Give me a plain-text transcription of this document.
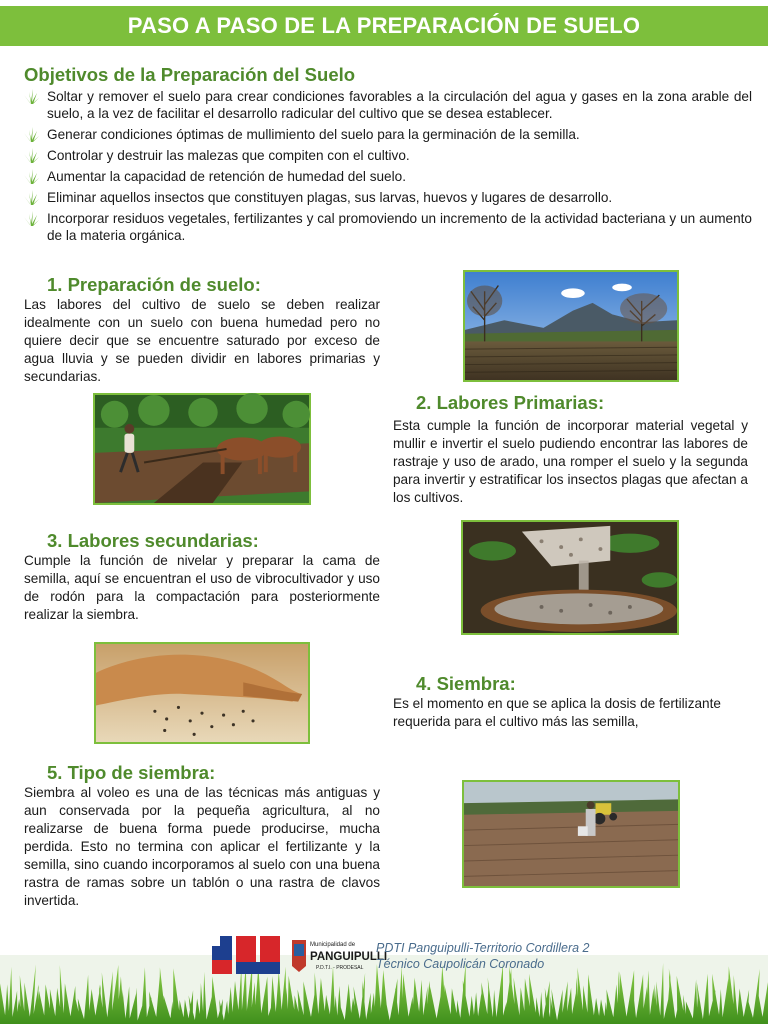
PASO A PASO DE LA PREPARACIÓN DE SUELO
Objetivos de la Preparación del Suelo
Soltar y remover el suelo para crear condiciones favorables a la circulación del agua y gases en la zona arable del suelo, a la vez de facilitar el desarrollo radicular del cultivo que se desea establecer.
Generar condiciones óptimas de mullimiento del suelo para la germinación de la semilla.
Controlar y destruir las malezas que compiten con el cultivo.
Aumentar la capacidad de retención de humedad del suelo.
Eliminar aquellos insectos que constituyen plagas, sus larvas, huevos y lugares de desarrollo.
Incorporar residuos vegetales, fertilizantes y cal promoviendo un incremento de la actividad bacteriana y un aumento de la materia orgánica.
1. Preparación de suelo:

Las labores del cultivo de suelo se deben realizar idealmente con un suelo con buena humedad pero no quiere decir que se encuentre saturado por exceso de agua lluvia y se pueden dividir en labores primarias y secundarias.

2. Labores Primarias:

Esta cumple la función de incorporar material vegetal y mullir e invertir el suelo pudiendo encontrar las labores de rastraje y uso de arado, una romper el suelo y la segunda para invertir y estratificar los insectos plagas que afectan a los cultivos.

3. Labores secundarias:

Cumple la función de nivelar y preparar la cama de semilla, aquí se encuentran el uso de vibrocultivador y uso de rodón para la compactación para posteriormente realizar la siembra.

4. Siembra:

Es el momento en que se aplica la dosis de fertilizante requerida para el cultivo más las semilla,

5. Tipo de siembra:

Siembra al voleo es una de las técnicas más antiguas y aun conservada por la pequeña agricultura, al no realizarse de buena forma puede producirse, mucha perdida. Esto no termina con aplicar el fertilizante y la semilla, sino cuando incorporamos al suelo con una buena rastra de ramas sobre un tablón o una rastra de clavos invertida.

Municipalidad de
PANGUIPULLI
P.D.T.I. - PRODESAL
PDTI Panguipulli-Territorio Cordillera 2
Técnico Caupolicán Coronado
